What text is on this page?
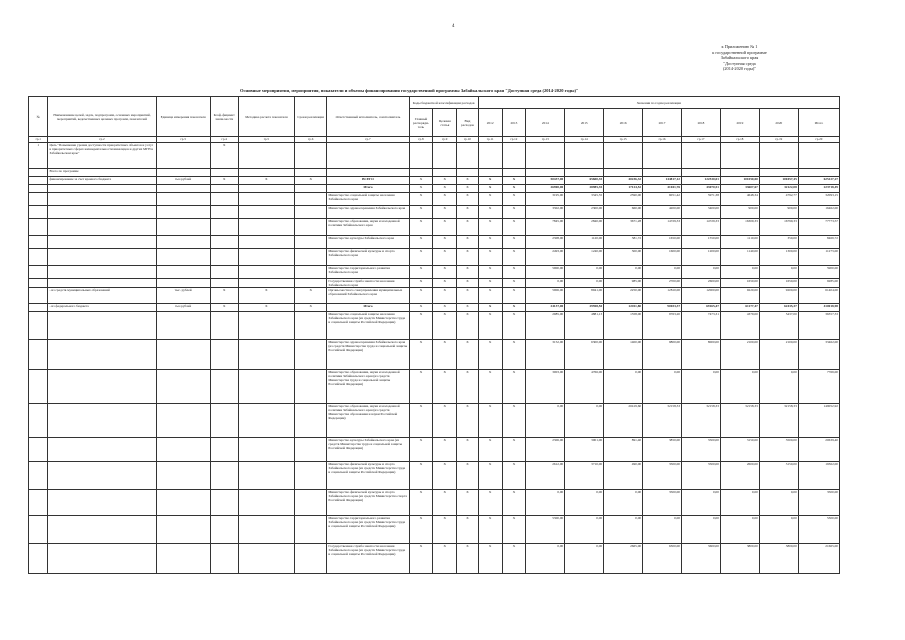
4
к Приложению № 1
к государственной программе
Забайкальского края
"Доступная среда
(2014-2020 годы)"
Основные мероприятия, мероприятия, показатели и объемы финансирования государственной программы Забайкальского края "Доступная среда (2014-2020 годы)"
№	Наименование целей, задач, подпрограмм, основных мероприятий, мероприятий, ведомственных целевых программ, показателей	Единица измерения показателя	Коэф-фициент значи-мости	Методика расчета показателя	Сроки реализации	Ответственный исполнитель, соисполнитель	Коды бюджетной классификации расходов			Значения по годам реализации									
							Главный распоряди-тель	Целевая статья	Вид расходов	2012	2013	2014	2015	2016	2017	2018	2019	2020	Итого
гр.1	гр.2	гр.3	гр.4	гр.5	гр.6	гр.7	гр.8	гр.9	гр.10	гр.11	гр.12	гр.13	гр.14	гр.15	гр.16	гр.17	гр.18	гр.19	гр.20
1	Цель "Повышение уровня доступности приоритетных объектов и услуг в приоритетных сферах жизнедеятельности инвалидов и других МГН в Забайкальском крае"		X																
	Всего по программе																		
	финансирование за счет краевого бюджета	тыс.рублей	X	X	X	ВСЕГО	X	X	X	X	X	50437,00	65600,35	40236,32	144817,12	122530,01	101050,00	100457,45	625127,27
						Итого	X	X	X	X	X	26900,00	28985,35	17124,52	41041,76	43070,51	33607,67	32122,08	223718,49
						Министерство социальной защиты населения Забайкальского края	X	X	X	X	X	3195,00	3345,35	2590,00	6051,42	5971,38	4648,34	4792,77	32093,15
						Министерство здравоохранения Забайкальского края	X	X	X	X	X	3302,00	2300,00	660,00	4200,00	3400,00	900,00	900,00	16462,00
						Министерство образования, науки и молодежной политики Забайкальского края	X	X	X	X	X	7845,00	2840,00	3671,28	14729,33	14729,33	16309,33	16799,33	77773,57
						Министерство культуры Забайкальского края	X	X	X	X	X	2308,00	1120,00	381,72	1650,00	1550,00	1110,00	350,00	8469,72
						Министерство физической культуры и спорта Забайкальского края	X	X	X	X	X	2493,00	1240,00	300,00	1600,00	1200,00	1140,00	1300,00	11273,00
						Министерство территориального развития Забайкальского края	X	X	X	X	X	5900,00	0,00	0,00	0,00	0,00	0,00	0,00	5900,00
						Государственная служба занятости населения Забайкальского края	X	X	X	X	X	0,00	0,00	985,00	2700,00	2600,00	1650,00	1650,00	9285,00
	- из средств муниципальных образований	тыс. рублей	X	X	X	Органы местного самоуправления муниципальных образований Забайкальского края	X	X	X	X	X	5906,00	8941,00	2250,00	12810,00	12000,00	9220,00	9200,00	61404,00
	- из федерального бюджета	тыс.рублей	X	X	X	Итого	X	X	X	X	X	24137,00	29598,50	22011,80	90033,37	69165,47	61177,47	62435,37	410018,98
						Министерство социальной защиты населения Забайкальского края (из средств Министерства труда и социальной защиты Российской Федерации)	X	X	X	X	X	2985,00	4881,13	1358,00	9763,20	7473,31	4379,00	5437,00	36357,33
						Министерство здравоохранения Забайкальского края (из средств Министерства труда и социальной защиты Российской Федерации)	X	X	X	X	X	3152,00	6300,00	1400,00	9800,00	8000,00	2100,00	2100,00	33462,00
						Министерство образования, науки и молодежной политики Забайкальского края (из средств Министерства труда и социальной защиты Российской Федерации)	X	X	X	X	X	3003,00	4766,00	0,00	0,00	0,00	0,00	0,00	7769,00
						Министерство образования, науки и молодежной политики Забайкальского края (из средств Министерства образования и науки Российской Федерации)	X	X	X	X	X	0,00	0,00	20419,60	32158,33	32158,33	32158,33	32158,33	149052,92
						Министерство культуры Забайкальского края (из средств Министерства труда и социальной защиты Российской Федерации)	X	X	X	X	X	2306,00	3001,00	891,40	3850,00	3500,00	3150,00	3500,00	20639,40
						Министерство физической культуры и спорта Забайкальского края (из средств Министерства труда и социальной защиты Российской Федерации)	X	X	X	X	X	2612,00	3710,00	490,00	3500,00	3500,00	2600,00	3150,00	19362,00
						Министерство физической культуры и спорта Забайкальского края (из средств Министерства спорта Российской Федерации)	X	X	X	X	X	0,00	0,00	0,00	3500,00	0,00	0,00	0,00	3500,00
						Министерство территориального развития Забайкальского края (из средств Министерства труда и социальной защиты Российской Федерации)	X	X	X	X	X	5300,00	0,00	0,00	0,00	0,00	0,00	0,00	5300,00
						Государственная служба занятости населения Забайкальского края (из средств Министерства труда и социальной защиты Российской Федерации)	X	X	X	X	X	0,00	0,00	2665,00	6300,00	3600,00	3800,00	3800,00	21665,00
